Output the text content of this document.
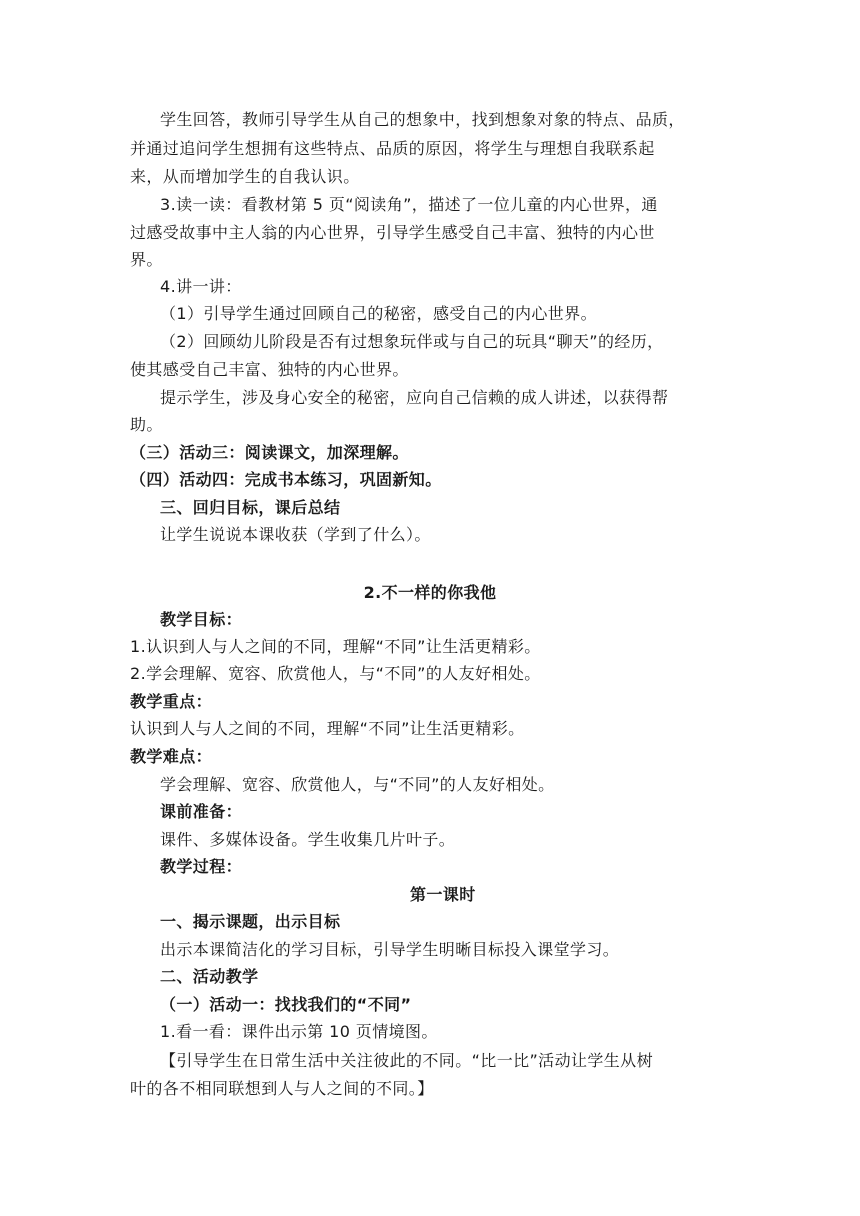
学生回答，教师引导学生从自己的想象中，找到想象对象的特点、品质，
并通过追问学生想拥有这些特点、品质的原因，将学生与理想自我联系起
来，从而增加学生的自我认识。
3.读一读：看教材第 5 页“阅读角”，描述了一位儿童的内心世界，通
过感受故事中主人翁的内心世界，引导学生感受自己丰富、独特的内心世
界。
4.讲一讲：
（1）引导学生通过回顾自己的秘密，感受自己的内心世界。
（2）回顾幼儿阶段是否有过想象玩伴或与自己的玩具“聊天”的经历，
使其感受自己丰富、独特的内心世界。
提示学生，涉及身心安全的秘密，应向自己信赖的成人讲述，以获得帮
助。
（三）活动三：阅读课文，加深理解。
（四）活动四：完成书本练习，巩固新知。
三、回归目标，课后总结
让学生说说本课收获（学到了什么）。
2.不一样的你我他
教学目标：
1.认识到人与人之间的不同，理解“不同”让生活更精彩。
2.学会理解、宽容、欣赏他人，与“不同”的人友好相处。
教学重点：
认识到人与人之间的不同，理解“不同”让生活更精彩。
教学难点：
学会理解、宽容、欣赏他人，与“不同”的人友好相处。
课前准备：
课件、多媒体设备。学生收集几片叶子。
教学过程：
第一课时
一、揭示课题，出示目标
出示本课简洁化的学习目标，引导学生明晰目标投入课堂学习。
二、活动教学
（一）活动一：找找我们的“不同”
1.看一看：课件出示第 10 页情境图。
【引导学生在日常生活中关注彼此的不同。“比一比”活动让学生从树
叶的各不相同联想到人与人之间的不同。】
